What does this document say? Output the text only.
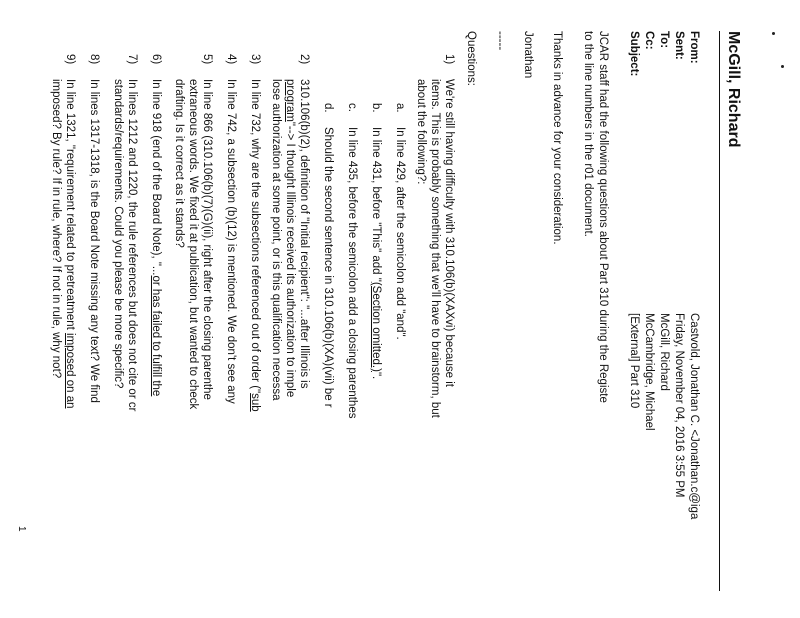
McGill, Richard
From:
Castvold, Jonathan C. <Jonathan.c@iga
Sent:
Friday, November 04, 2016 3:55 PM
To:
McGill, Richard
Cc:
McCambridge, Michael
Subject:
[External] Part 310
JCAR staff had the following questions about Part 310 during the Registe
to the line numbers in the r01 document.
Thanks in advance for your consideration.
Jonathan
-----
Questions:
1)
We're still having difficulty with 310.106(b)(XAXvi) because it
items. This is probably something that we'll have to brainstorm, but
about the following?:
a.
In line 429, after the semicolon add "and".
b.
In line 431, before "This" add "(Section omitted.)".
c.
In line 435, before the semicolon add a closing parenthes
d.
Should the second sentence in 310.106(b)(XA)(vii) be r
2)
310.106(b)(2), definition of "Initial recipient": "...after Illinois is
program"--> I thought Illinois received its authorization to imple
lose authorization at some point, or is this qualification necessa
3)
In line 732, why are the subsections referenced out of order ("sub
4)
In line 742, a subsection (b)(12) is mentioned. We don't see any
5)
In line 866 (310.106(b)(7)(G)(ii), right after the closing parenthe
extraneous words. We fixed it at publication, but wanted to check
drafting. Is it correct as it stands?
6)
In line 918 (end of the Board Note), "...or has failed to fulfill the
7)
In lines 1212 and 1220, the rule references but does not cite or cr
standards/requirements. Could you please be more specific?
8)
In lines 1317-1318, is the Board Note missing any text? We find
9)
In line 1321, "requirement related to pretreatment imposed on an
imposed? By rule? If in rule, where? If not in rule, why not?
1
